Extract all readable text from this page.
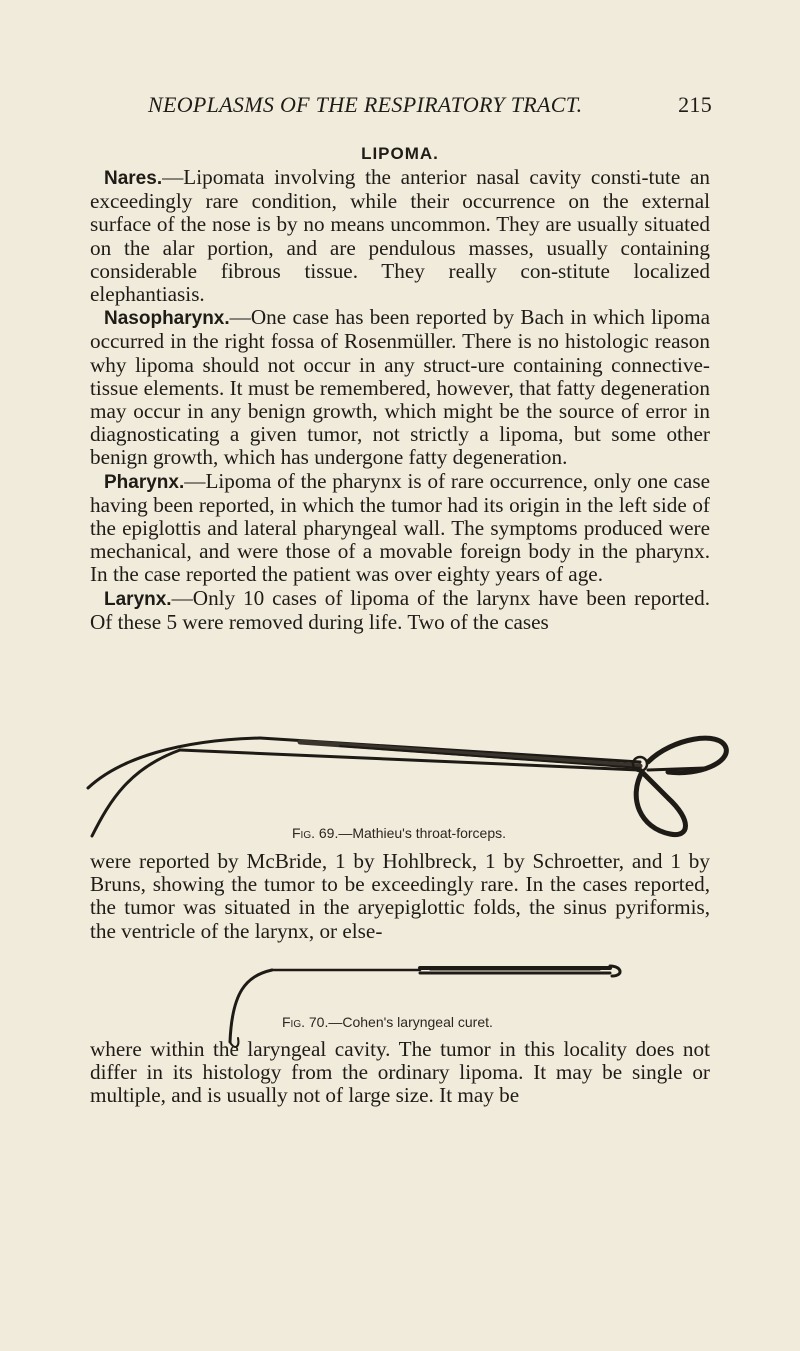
NEOPLASMS OF THE RESPIRATORY TRACT.	215
LIPOMA.

Nares.—Lipomata involving the anterior nasal cavity consti-tute an exceedingly rare condition, while their occurrence on the external surface of the nose is by no means uncommon. They are usually situated on the alar portion, and are pendulous masses, usually containing considerable fibrous tissue. They really con-stitute localized elephantiasis.

Nasopharynx.—One case has been reported by Bach in which lipoma occurred in the right fossa of Rosenmüller. There is no histologic reason why lipoma should not occur in any struct-ure containing connective-tissue elements. It must be remembered, however, that fatty degeneration may occur in any benign growth, which might be the source of error in diagnosticating a given tumor, not strictly a lipoma, but some other benign growth, which has undergone fatty degeneration.

Pharynx.—Lipoma of the pharynx is of rare occurrence, only one case having been reported, in which the tumor had its origin in the left side of the epiglottis and lateral pharyngeal wall. The symptoms produced were mechanical, and were those of a movable foreign body in the pharynx. In the case reported the patient was over eighty years of age.

Larynx.—Only 10 cases of lipoma of the larynx have been reported. Of these 5 were removed during life. Two of the cases

Fig. 69.—Mathieu's throat-forceps.

were reported by McBride, 1 by Hohlbreck, 1 by Schroetter, and 1 by Bruns, showing the tumor to be exceedingly rare. In the cases reported, the tumor was situated in the aryepiglottic folds, the sinus pyriformis, the ventricle of the larynx, or else-

Fig. 70.—Cohen's laryngeal curet.

where within the laryngeal cavity. The tumor in this locality does not differ in its histology from the ordinary lipoma. It may be single or multiple, and is usually not of large size. It may be
